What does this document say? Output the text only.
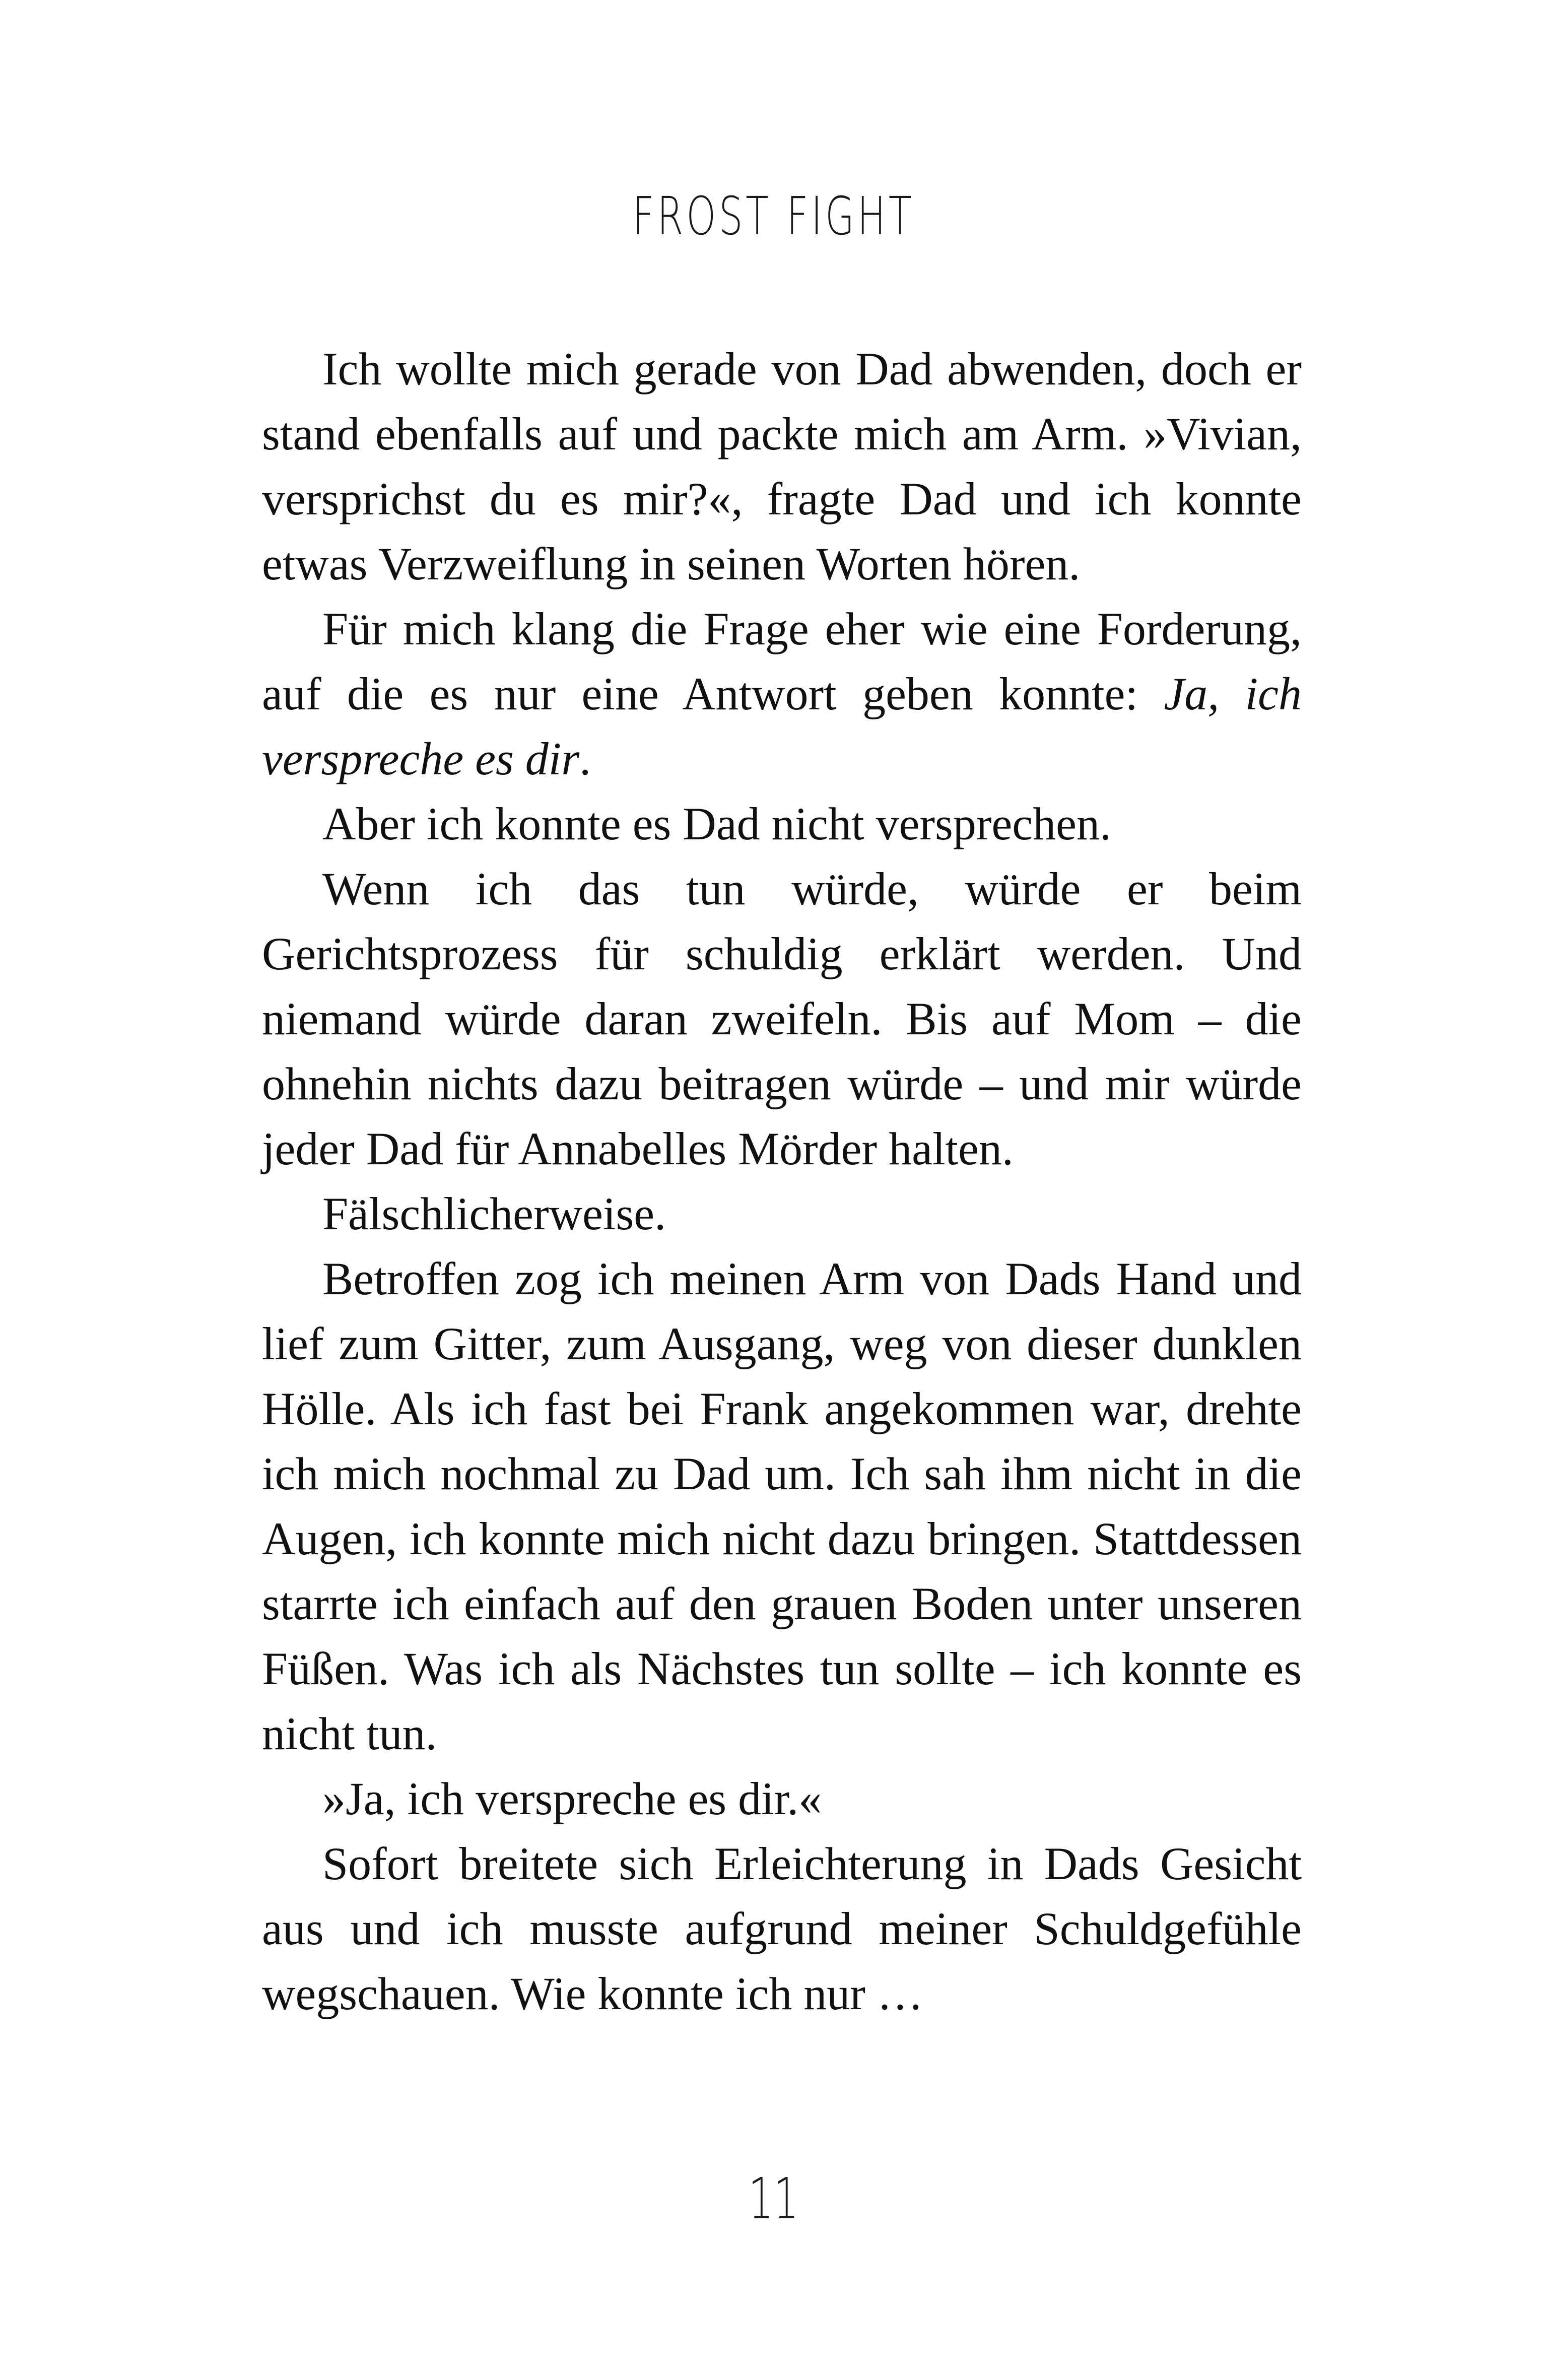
FROST FIGHT

Ich wollte mich gerade von Dad abwenden, doch er stand ebenfalls auf und packte mich am Arm. »Vivian, versprichst du es mir?«, fragte Dad und ich konnte etwas Verzweiflung in seinen Worten hören.

Für mich klang die Frage eher wie eine Forderung, auf die es nur eine Antwort geben konnte: Ja, ich verspreche es dir.

Aber ich konnte es Dad nicht versprechen.

Wenn ich das tun würde, würde er beim Gerichtsprozess für schuldig erklärt werden. Und niemand würde daran zweifeln. Bis auf Mom – die ohnehin nichts dazu beitragen würde – und mir würde jeder Dad für Annabelles Mörder halten.

Fälschlicherweise.

Betroffen zog ich meinen Arm von Dads Hand und lief zum Gitter, zum Ausgang, weg von dieser dunklen Hölle. Als ich fast bei Frank angekommen war, drehte ich mich nochmal zu Dad um. Ich sah ihm nicht in die Augen, ich konnte mich nicht dazu bringen. Stattdessen starrte ich einfach auf den grauen Boden unter unseren Füßen. Was ich als Nächstes tun sollte – ich konnte es nicht tun.

»Ja, ich verspreche es dir.«

Sofort breitete sich Erleichterung in Dads Gesicht aus und ich musste aufgrund meiner Schuldgefühle wegschauen. Wie konnte ich nur …

11
